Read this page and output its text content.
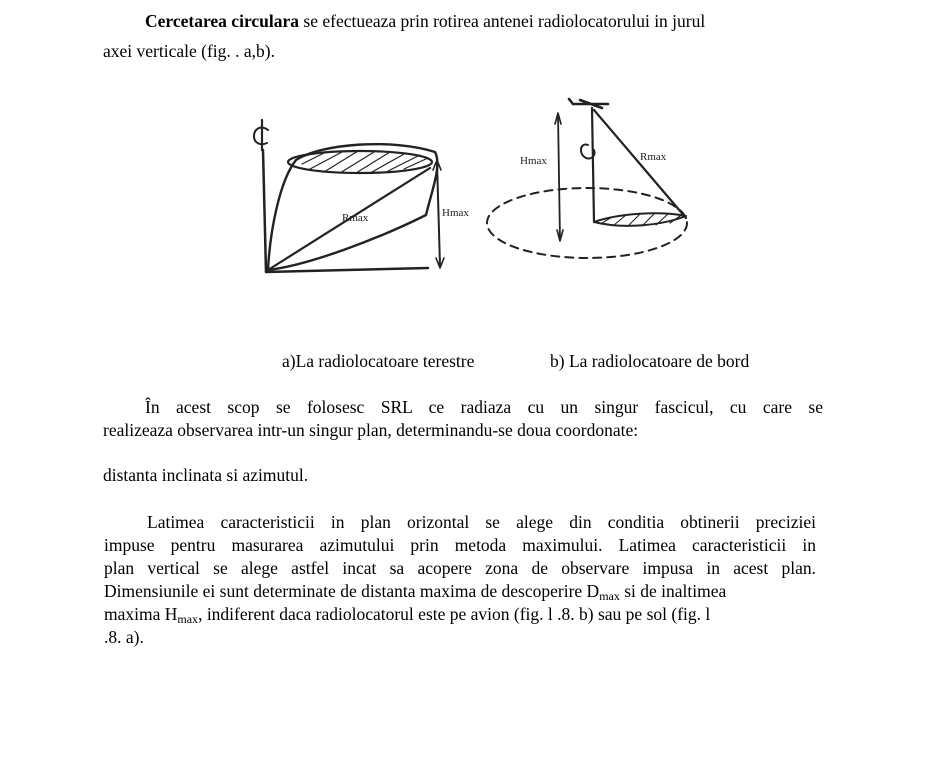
Cercetarea circulara se efectueaza prin rotirea antenei radiolocatorului in jurul
axei verticale (fig. . a,b).
Rmax	Hmax
Hmax	Rmax
a)La radiolocatoare terestre	b) La radiolocatoare de bord
În acest scop se folosesc SRL ce radiaza cu un singur fascicul, cu care se
realizeaza observarea intr-un singur plan, determinandu-se doua coordonate:
distanta inclinata si azimutul.
Latimea caracteristicii in plan orizontal se alege din conditia obtinerii preciziei
impuse pentru masurarea azimutului prin metoda maximului. Latimea caracteristicii in
plan vertical se alege astfel incat sa acopere zona de observare impusa in acest plan.
Dimensiunile ei sunt determinate de distanta maxima de descoperire $D_{max}$ si de inaltimea
maxima $H_{max}$, indiferent daca radiolocatorul este pe avion (fig. l .8. b) sau pe sol (fig. l
.8. a).
